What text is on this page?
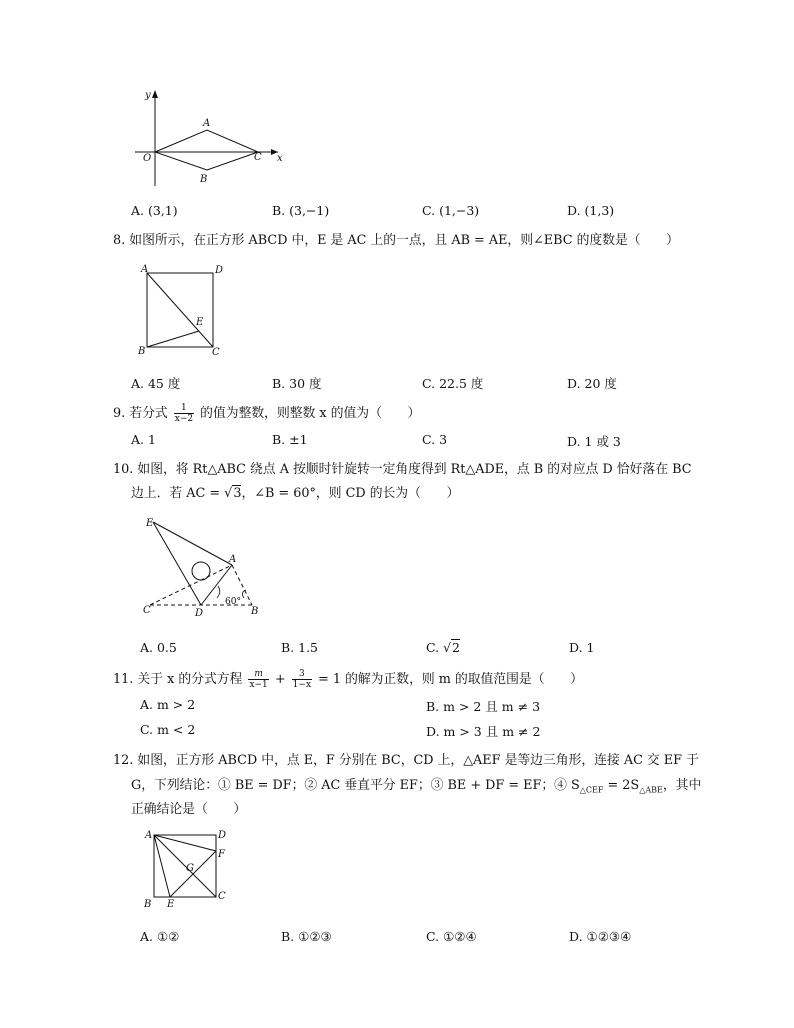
y
x
O
A
B
C
A. (3,1)	B. (3,−1)	C. (1,−3)	D. (1,3)
8. 如图所示，在正方形 ABCD 中，E 是 AC 上的一点，且 AB = AE，则∠EBC 的度数是（　　）
A	D
B	C
E
A. 45 度	B. 30 度	C. 22.5 度	D. 20 度
9. 若分式 $\frac{1}{x-2}$ 的值为整数，则整数 x 的值为（　　）
A. 1	B. ±1	C. 3	D. 1 或 3
10. 如图，将 Rt△ABC 绕点 A 按顺时针旋转一定角度得到 Rt△ADE，点 B 的对应点 D 恰好落在 BC
边上．若 AC = √3，∠B = 60°，则 CD 的长为（　　）
E
A
C	D	B
60°
A. 0.5	B. 1.5	C. √2	D. 1
11. 关于 x 的分式方程 $\frac{m}{x-1} + \frac{3}{1-x} = 1$ 的解为正数，则 m 的取值范围是（　　）
A. m > 2	B. m > 2 且 m ≠ 3
C. m < 2	D. m > 3 且 m ≠ 2
12. 如图，正方形 ABCD 中，点 E，F 分别在 BC，CD 上，△AEF 是等边三角形，连接 AC 交 EF 于
G，下列结论：① BE = DF；② AC 垂直平分 EF；③ BE + DF = EF；④ $S_{\triangle CEF} = 2S_{\triangle ABE}$，其中
正确结论是（　　）
A	D
F
G
C
B E
A. ①②	B. ①②③	C. ①②④	D. ①②③④
